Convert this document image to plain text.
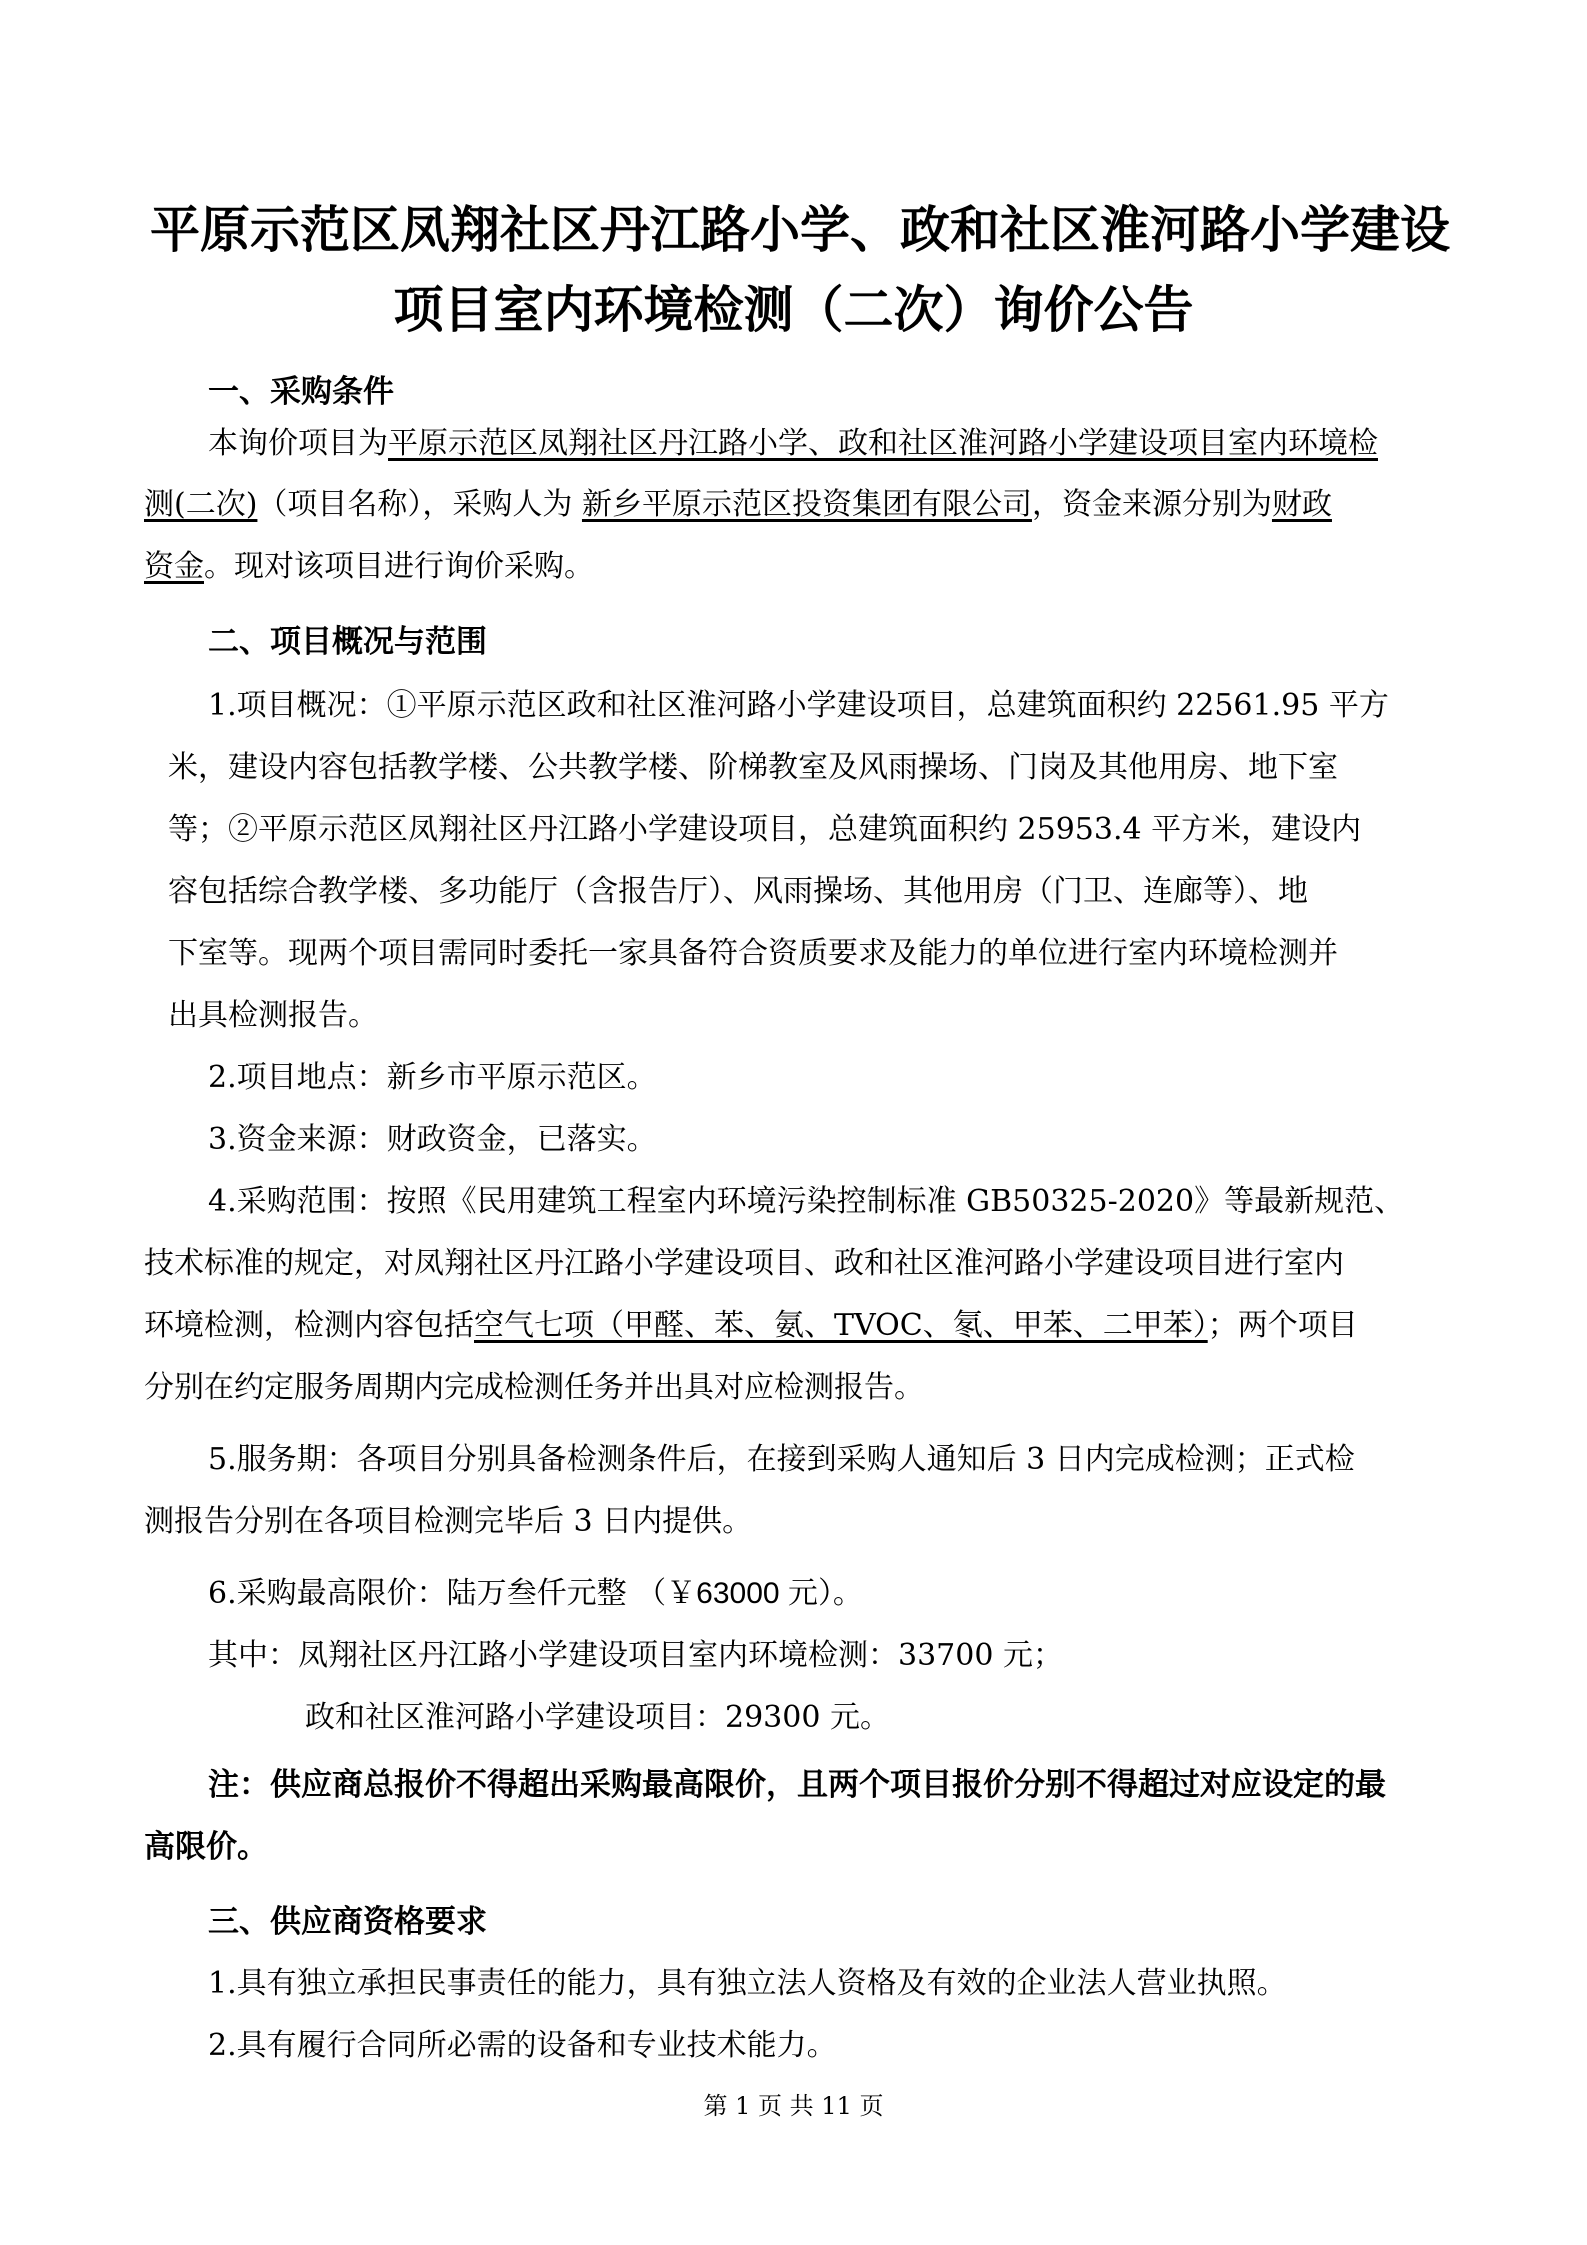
平原示范区凤翔社区丹江路小学、政和社区淮河路小学建设
项目室内环境检测（二次）询价公告
一、采购条件
本询价项目为平原示范区凤翔社区丹江路小学、政和社区淮河路小学建设项目室内环境检
测(二次)（项目名称），采购人为 新乡平原示范区投资集团有限公司，资金来源分别为财政
资金。现对该项目进行询价采购。
二、项目概况与范围
1.项目概况：①平原示范区政和社区淮河路小学建设项目，总建筑面积约 22561.95 平方
米，建设内容包括教学楼、公共教学楼、阶梯教室及风雨操场、门岗及其他用房、地下室
等；②平原示范区凤翔社区丹江路小学建设项目，总建筑面积约 25953.4 平方米，建设内
容包括综合教学楼、多功能厅（含报告厅）、风雨操场、其他用房（门卫、连廊等）、地
下室等。现两个项目需同时委托一家具备符合资质要求及能力的单位进行室内环境检测并
出具检测报告。
2.项目地点：新乡市平原示范区。
3.资金来源：财政资金，已落实。
4.采购范围：按照《民用建筑工程室内环境污染控制标准 GB50325-2020》等最新规范、
技术标准的规定，对凤翔社区丹江路小学建设项目、政和社区淮河路小学建设项目进行室内
环境检测，检测内容包括空气七项（甲醛、苯、氨、TVOC、氡、甲苯、二甲苯）；两个项目
分别在约定服务周期内完成检测任务并出具对应检测报告。
5.服务期：各项目分别具备检测条件后，在接到采购人通知后 3 日内完成检测；正式检
测报告分别在各项目检测完毕后 3 日内提供。
6.采购最高限价：陆万叁仟元整 （￥63000 元）。
其中：凤翔社区丹江路小学建设项目室内环境检测：33700 元；
政和社区淮河路小学建设项目：29300 元。
注：供应商总报价不得超出采购最高限价，且两个项目报价分别不得超过对应设定的最
高限价。
三、供应商资格要求
1.具有独立承担民事责任的能力，具有独立法人资格及有效的企业法人营业执照。
2.具有履行合同所必需的设备和专业技术能力。
第 1 页 共 11 页
